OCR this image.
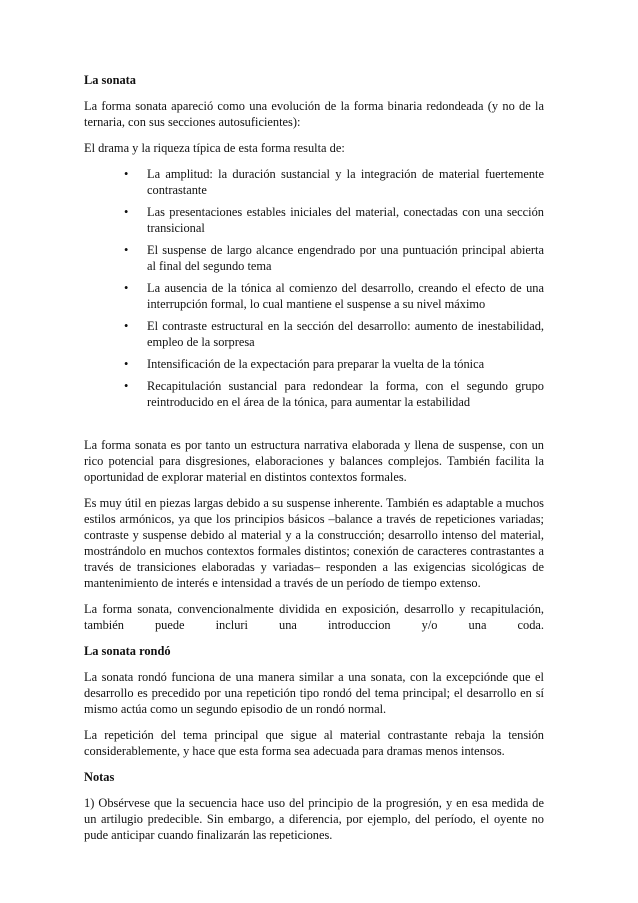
La sonata

La forma sonata apareció como una evolución de la forma binaria redondeada (y no de la ternaria, con sus secciones autosuficientes):

El drama y la riqueza típica de esta forma resulta de:

• La amplitud: la duración sustancial y la integración de material fuertemente contrastante
• Las presentaciones estables iniciales del material, conectadas con una sección transicional
• El suspense de largo alcance engendrado por una puntuación principal abierta al final del segundo tema
• La ausencia de la tónica al comienzo del desarrollo, creando el efecto de una interrupción formal, lo cual mantiene el suspense a su nivel máximo
• El contraste estructural en la sección del desarrollo: aumento de inestabilidad, empleo de la sorpresa
• Intensificación de la expectación para preparar la vuelta de la tónica
• Recapitulación sustancial para redondear la forma, con el segundo grupo reintroducido en el área de la tónica, para aumentar la estabilidad

La forma sonata es por tanto un estructura narrativa elaborada y llena de suspense, con un rico potencial para disgresiones, elaboraciones y balances complejos. También facilita la oportunidad de explorar material en distintos contextos formales.

Es muy útil en piezas largas debido a su suspense inherente. También es adaptable a muchos estilos armónicos, ya que los principios básicos –balance a través de repeticiones variadas; contraste y suspense debido al material y a la construcción; desarrollo intenso del material, mostrándolo en muchos contextos formales distintos; conexión de caracteres contrastantes a través de transiciones elaboradas y variadas– responden a las exigencias sicológicas de mantenimiento de interés e intensidad a través de un período de tiempo extenso.

La forma sonata, convencionalmente dividida en exposición, desarrollo y recapitulación, también puede incluri una introduccion y/o una coda.

La sonata rondó

La sonata rondó funciona de una manera similar a una sonata, con la excepcióndе que el desarrollo es precedido por una repetición tipo rondó del tema principal; el desarrollo en sí mismo actúa como un segundo episodio de un rondó normal.

La repetición del tema principal que sigue al material contrastante rebaja la tensión considerablemente, y hace que esta forma sea adecuada para dramas menos intensos.

Notas

1) Obsérvese que la secuencia hace uso del principio de la progresión, y en esa medida de un artilugio predecible. Sin embargo, a diferencia, por ejemplo, del período, el oyente no pude anticipar cuando finalizarán las repeticiones.
